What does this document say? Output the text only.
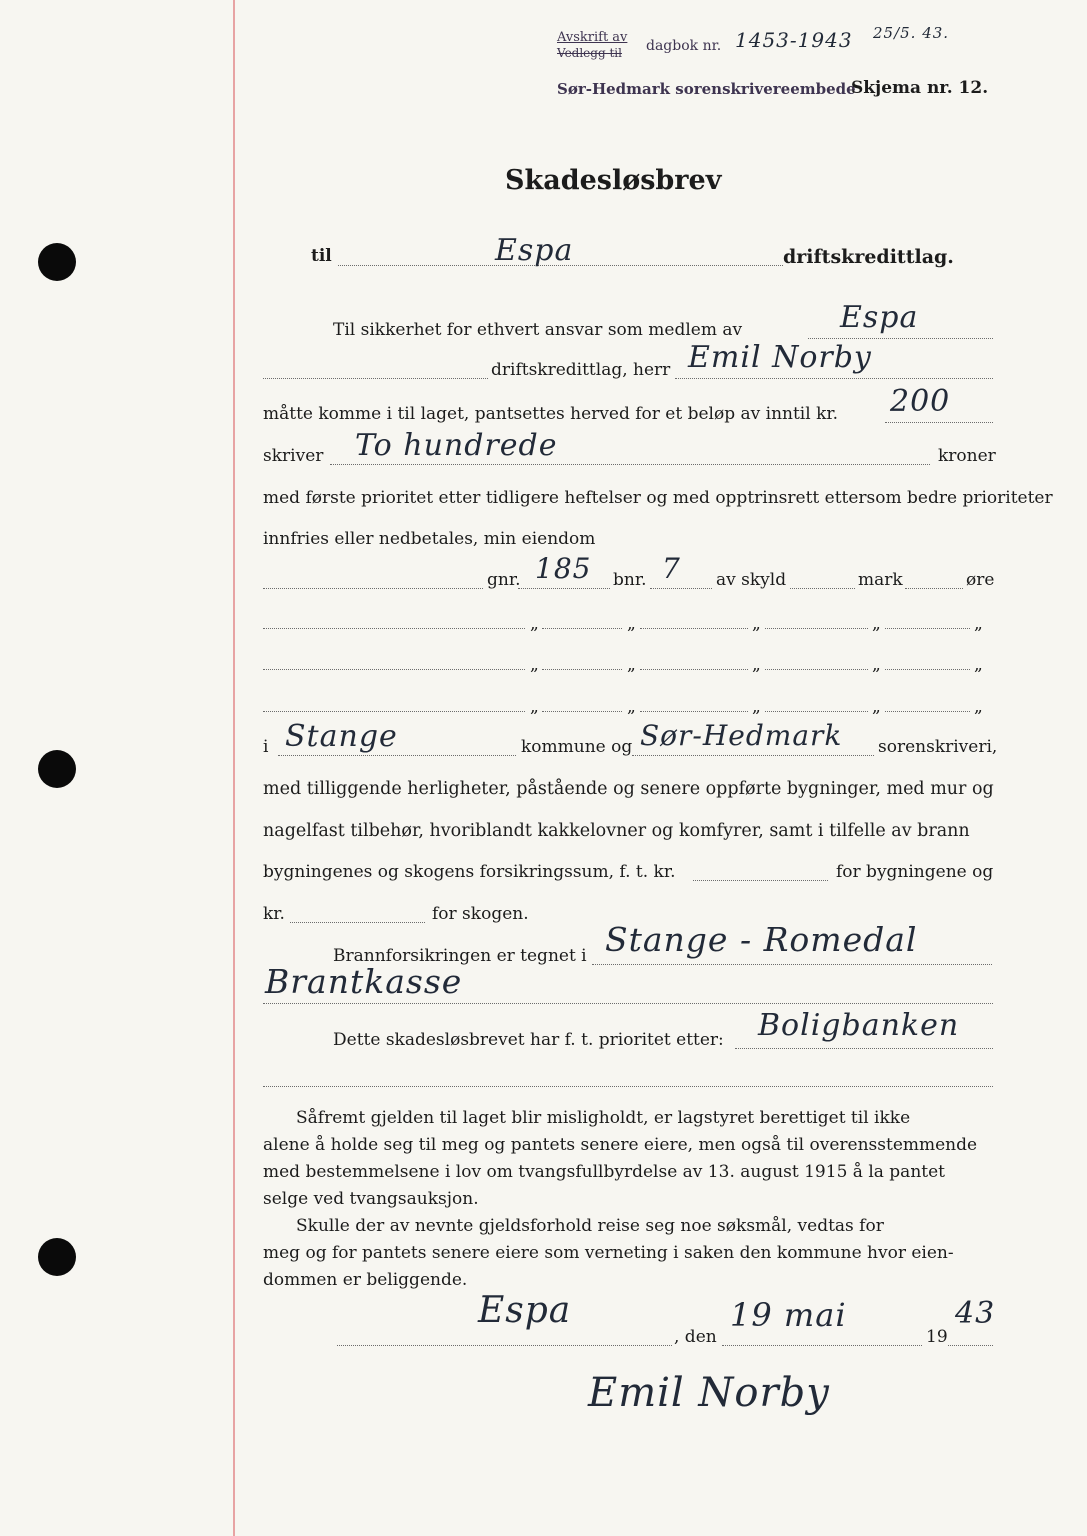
Avskrift av
Vedlegg til dagbok nr. 1453-1943 25/5. 43.
Sør-Hedmark sorenskrivereembede
Skjema nr. 12.
Skadesløsbrev
til	Espa	driftskredittlag.
Til sikkerhet for ethvert ansvar som medlem av	Espa
driftskredittlag, herr Emil Norby
måtte komme i til laget, pantsettes herved for et beløp av inntil kr. 200
skriver To hundrede	kroner
med første prioritet etter tidligere heftelser og med opptrinsrett ettersom bedre prioriteter
innfries eller nedbetales, min eiendom
gnr. 185 bnr. 7 av skyld	mark	øre
„	„	„	„	„
„	„	„	„	„
„	„	„	„	„
i Stange	kommune og Sør-Hedmark sorenskriveri,
med tilliggende herligheter, påstående og senere oppførte bygninger, med mur og
nagelfast tilbehør, hvoriblandt kakkelovner og komfyrer, samt i tilfelle av brann
bygningenes og skogens forsikringssum, f. t. kr.	for bygningene og
kr.	for skogen.
Brannforsikringen er tegnet i Stange - Romedal
Brantkasse
Dette skadesløsbrevet har f. t. prioritet etter: Boligbanken
Såfremt gjelden til laget blir misligholdt, er lagstyret berettiget til ikke
alene å holde seg til meg og pantets senere eiere, men også til overensstemmende
med bestemmelsene i lov om tvangsfullbyrdelse av 13. august 1915 å la pantet
selge ved tvangsauksjon.
Skulle der av nevnte gjeldsforhold reise seg noe søksmål, vedtas for
meg og for pantets senere eiere som verneting i saken den kommune hvor eien-
dommen er beliggende.
Espa
, den
19 mai
19
43
Emil Norby
